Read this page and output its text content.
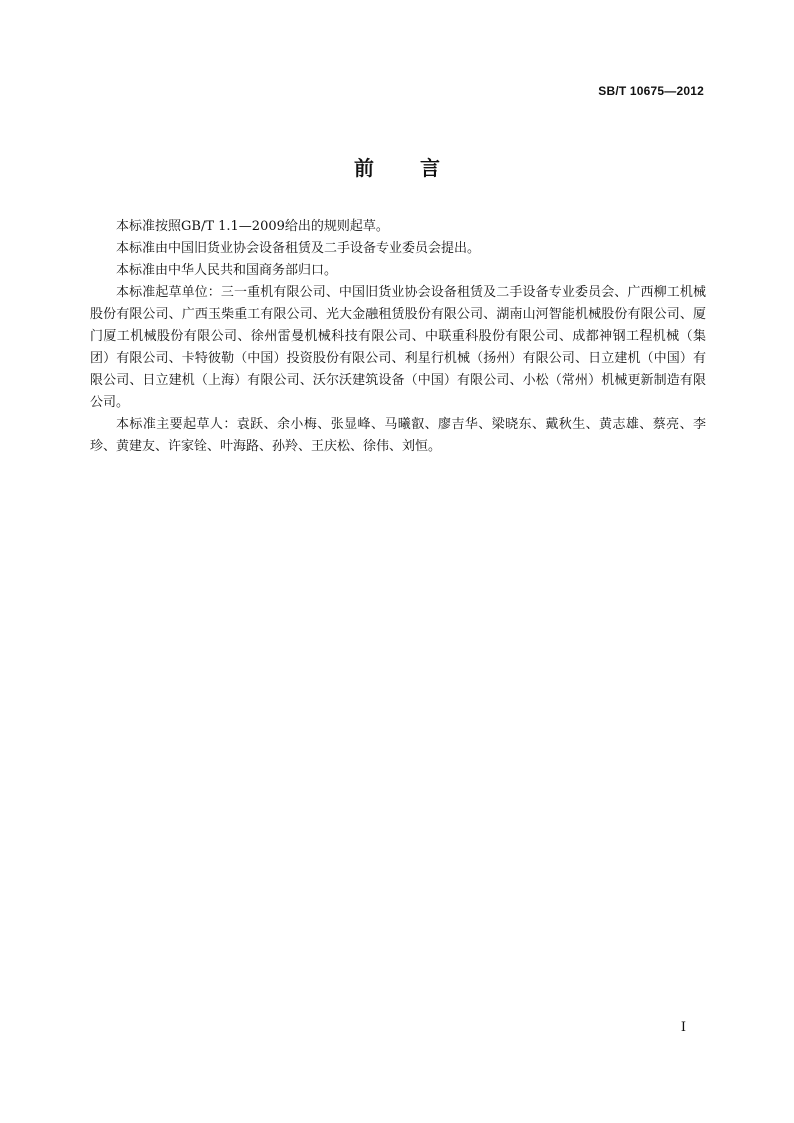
SB/T 10675—2012
前 言

本标准按照GB/T 1.1—2009给出的规则起草。

本标准由中国旧货业协会设备租赁及二手设备专业委员会提出。

本标准由中华人民共和国商务部归口。

本标准起草单位：三一重机有限公司、中国旧货业协会设备租赁及二手设备专业委员会、广西柳工机械股份有限公司、广西玉柴重工有限公司、光大金融租赁股份有限公司、湖南山河智能机械股份有限公司、厦门厦工机械股份有限公司、徐州雷曼机械科技有限公司、中联重科股份有限公司、成都神钢工程机械（集团）有限公司、卡特彼勒（中国）投资股份有限公司、利星行机械（扬州）有限公司、日立建机（中国）有限公司、日立建机（上海）有限公司、沃尔沃建筑设备（中国）有限公司、小松（常州）机械更新制造有限公司。

本标准主要起草人：袁跃、余小梅、张显峰、马曦叡、廖吉华、梁晓东、戴秋生、黄志雄、蔡亮、李珍、黄建友、许家铨、叶海路、孙羚、王庆松、徐伟、刘恒。

I
